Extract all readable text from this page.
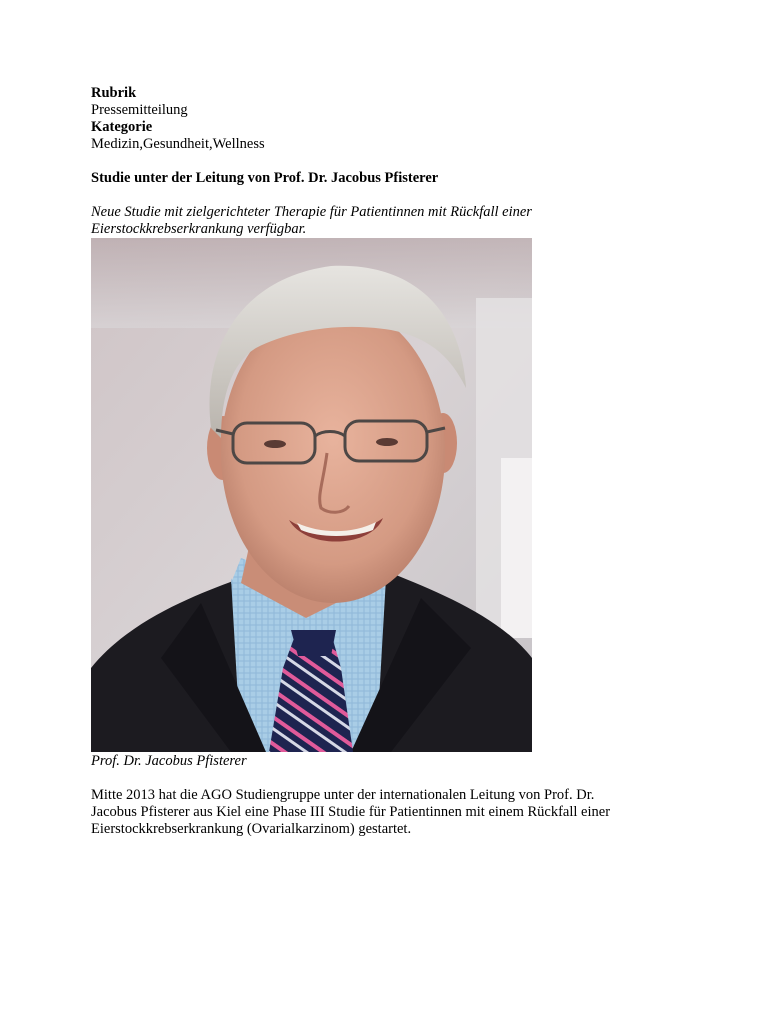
Rubrik
Pressemitteilung
Kategorie
Medizin,Gesundheit,Wellness
Studie unter der Leitung von Prof. Dr. Jacobus Pfisterer
Neue Studie mit zielgerichteter Therapie für Patientinnen mit Rückfall einer
Eierstockkrebserkrankung verfügbar.
Prof. Dr. Jacobus Pfisterer
Mitte 2013 hat die AGO Studiengruppe unter der internationalen Leitung von Prof. Dr.
Jacobus Pfisterer aus Kiel eine Phase III Studie für Patientinnen mit einem Rückfall einer
Eierstockkrebserkrankung (Ovarialkarzinom) gestartet.
